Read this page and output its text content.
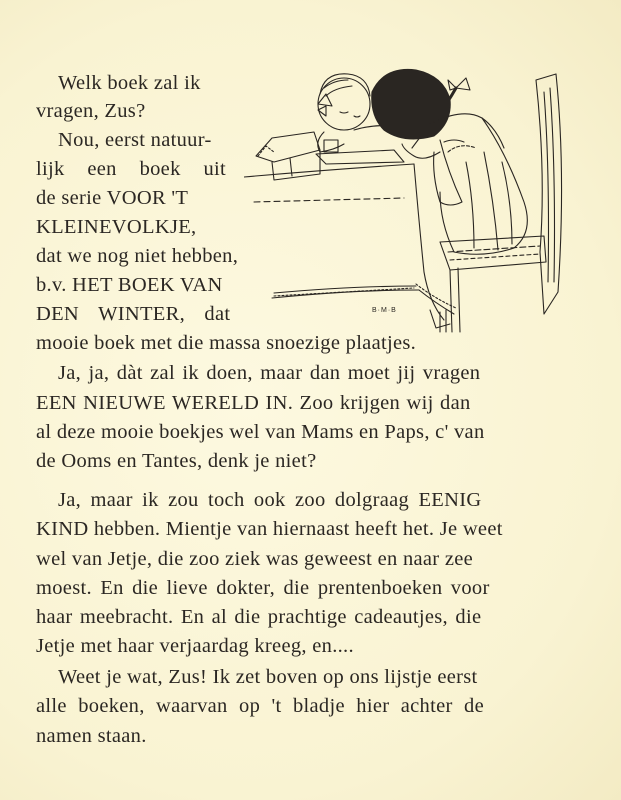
Welk boek zal ik
vragen, Zus?
Nou, eerst natuur-
lijk een boek uit
de serie VOOR 'T
KLEINEVOLKJE,
dat we nog niet hebben,
b.v. HET BOEK VAN
DEN WINTER, dat
mooie boek met die massa snoezige plaatjes.
Ja, ja, dàt zal ik doen, maar dan moet jij vragen
EEN NIEUWE WERELD IN. Zoo krijgen wij dan
al deze mooie boekjes wel van Mams en Paps, c' van
de Ooms en Tantes, denk je niet?
Ja, maar ik zou toch ook zoo dolgraag EENIG
KIND hebben. Mientje van hiernaast heeft het. Je weet
wel van Jetje, die zoo ziek was geweest en naar zee
moest. En die lieve dokter, die prentenboeken voor
haar meebracht. En al die prachtige cadeautjes, die
Jetje met haar verjaardag kreeg, en....
Weet je wat, Zus! Ik zet boven op ons lijstje eerst
alle boeken, waarvan op 't bladje hier achter de
namen staan.
B·M·B
